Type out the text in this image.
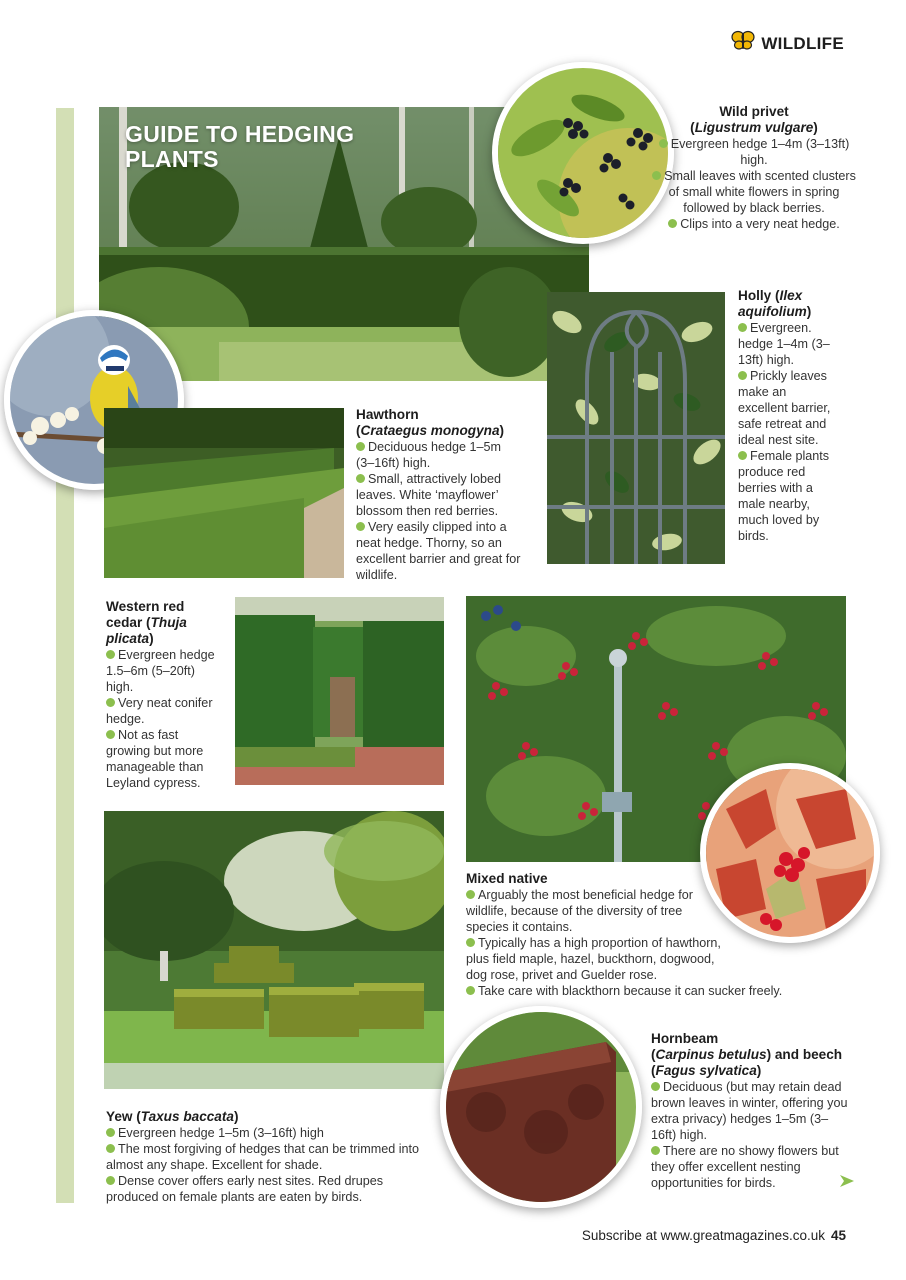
WILDLIFE
GUIDE TO HEDGING PLANTS
Wild privet
(Ligustrum vulgare)

Evergreen hedge 1–4m (3–13ft) high.

Small leaves with scented clusters of small white flowers in spring followed by black berries.

Clips into a very neat hedge.

Hawthorn
(Crataegus monogyna)

Deciduous hedge 1–5m (3–16ft) high.

Small, attractively lobed leaves. White ‘mayflower’ blossom then red berries.

Very easily clipped into a neat hedge. Thorny, so an excellent barrier and great for wildlife.

Holly (Ilex aquifolium)

Evergreen. hedge 1–4m (3–13ft) high.

Prickly leaves make an excellent barrier, safe retreat and ideal nest site.

Female plants produce red berries with a male nearby, much loved by birds.

Western red cedar (Thuja plicata)

Evergreen hedge 1.5–6m (5–20ft) high.

Very neat conifer hedge.

Not as fast growing but more manageable than Leyland cypress.

Mixed native

Arguably the most beneficial hedge for wildlife, because of the diversity of tree species it contains.

Typically has a high proportion of hawthorn, plus field maple, hazel, buckthorn, dogwood, dog rose, privet and Guelder rose.

Take care with blackthorn because it can sucker freely.

Yew (Taxus baccata)

Evergreen hedge 1–5m (3–16ft) high

The most forgiving of hedges that can be trimmed into almost any shape. Excellent for shade.

Dense cover offers early nest sites. Red drupes produced on female plants are eaten by birds.

Hornbeam
(Carpinus betulus) and beech (Fagus sylvatica)

Deciduous (but may retain dead brown leaves in winter, offering you extra privacy) hedges 1–5m (3–16ft) high.

There are no showy flowers but they offer excellent nesting opportunities for birds.

Subscribe at www.greatmagazines.co.uk 45
